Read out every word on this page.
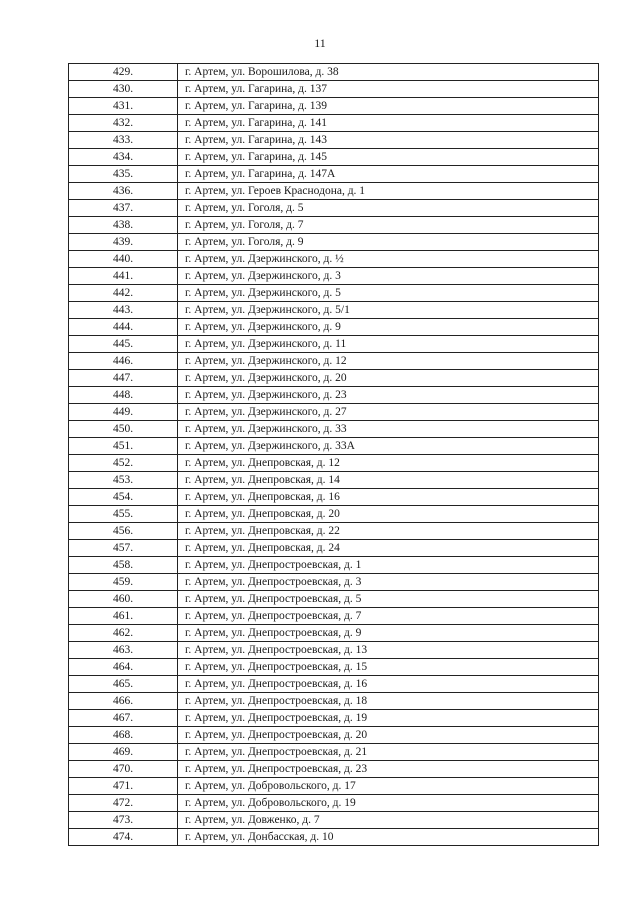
11
429.	г. Артем, ул. Ворошилова, д. 38
430.	г. Артем, ул. Гагарина, д. 137
431.	г. Артем, ул. Гагарина, д. 139
432.	г. Артем, ул. Гагарина, д. 141
433.	г. Артем, ул. Гагарина, д. 143
434.	г. Артем, ул. Гагарина, д. 145
435.	г. Артем, ул. Гагарина, д. 147А
436.	г. Артем, ул. Героев Краснодона, д. 1
437.	г. Артем, ул. Гоголя, д. 5
438.	г. Артем, ул. Гоголя, д. 7
439.	г. Артем, ул. Гоголя, д. 9
440.	г. Артем, ул. Дзержинского, д. ½
441.	г. Артем, ул. Дзержинского, д. 3
442.	г. Артем, ул. Дзержинского, д. 5
443.	г. Артем, ул. Дзержинского, д. 5/1
444.	г. Артем, ул. Дзержинского, д. 9
445.	г. Артем, ул. Дзержинского, д. 11
446.	г. Артем, ул. Дзержинского, д. 12
447.	г. Артем, ул. Дзержинского, д. 20
448.	г. Артем, ул. Дзержинского, д. 23
449.	г. Артем, ул. Дзержинского, д. 27
450.	г. Артем, ул. Дзержинского, д. 33
451.	г. Артем, ул. Дзержинского, д. 33А
452.	г. Артем, ул. Днепровская, д. 12
453.	г. Артем, ул. Днепровская, д. 14
454.	г. Артем, ул. Днепровская, д. 16
455.	г. Артем, ул. Днепровская, д. 20
456.	г. Артем, ул. Днепровская, д. 22
457.	г. Артем, ул. Днепровская, д. 24
458.	г. Артем, ул. Днепростроевская, д. 1
459.	г. Артем, ул. Днепростроевская, д. 3
460.	г. Артем, ул. Днепростроевская, д. 5
461.	г. Артем, ул. Днепростроевская, д. 7
462.	г. Артем, ул. Днепростроевская, д. 9
463.	г. Артем, ул. Днепростроевская, д. 13
464.	г. Артем, ул. Днепростроевская, д. 15
465.	г. Артем, ул. Днепростроевская, д. 16
466.	г. Артем, ул. Днепростроевская, д. 18
467.	г. Артем, ул. Днепростроевская, д. 19
468.	г. Артем, ул. Днепростроевская, д. 20
469.	г. Артем, ул. Днепростроевская, д. 21
470.	г. Артем, ул. Днепростроевская, д. 23
471.	г. Артем, ул. Добровольского, д. 17
472.	г. Артем, ул. Добровольского, д. 19
473.	г. Артем, ул. Довженко, д. 7
474.	г. Артем, ул. Донбасская, д. 10
